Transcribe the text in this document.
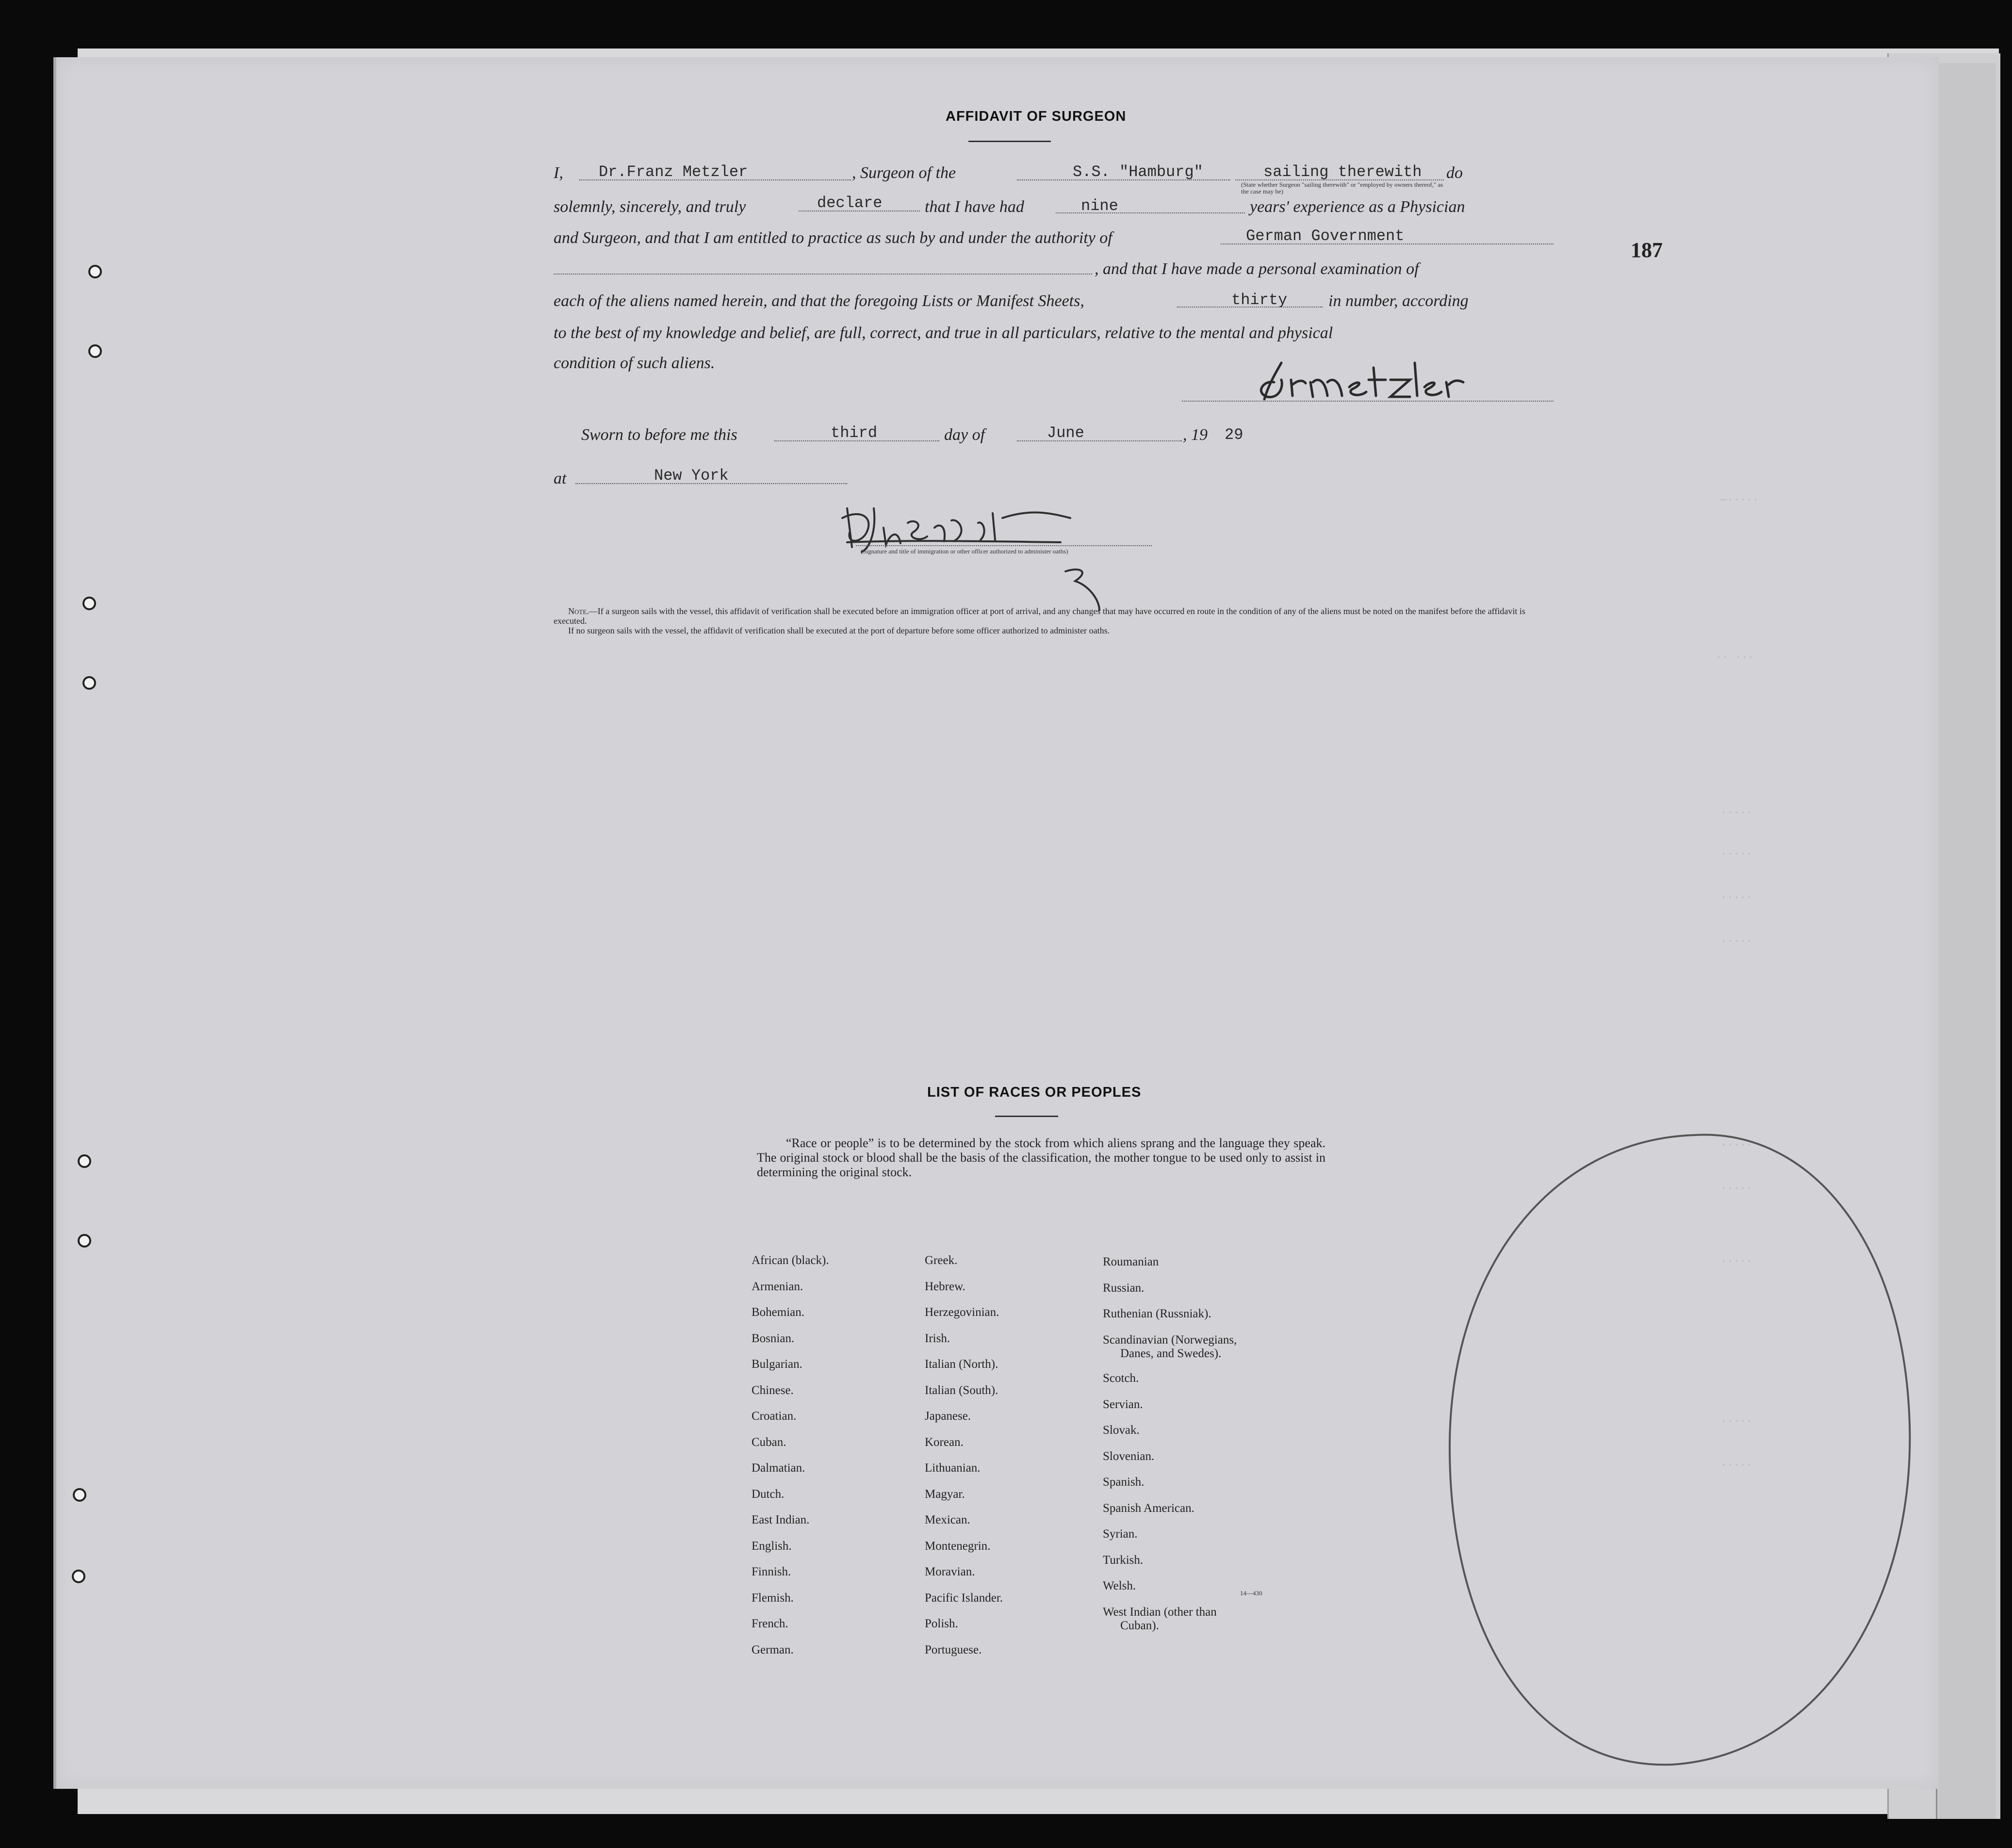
—·····
·· ···
·····
·····
·····
·····
·····
·····
·····
·····
·····
187
AFFIDAVIT OF SURGEON
I, Dr.Franz Metzler	, Surgeon of the	S.S. "Hamburg"	sailing therewith do
(State whether Surgeon "sailing therewith" or "employed by owners thereof," as the case may be)
solemnly, sincerely, and truly	declare	that I have had	nine	years' experience as a Physician
and Surgeon, and that I am entitled to practice as such by and under the authority of	German Government
, and that I have made a personal examination of
each of the aliens named herein, and that the foregoing Lists or Manifest Sheets,	thirty in number, according
to the best of my knowledge and belief, are full, correct, and true in all particulars, relative to the mental and physical
condition of such aliens.
Sworn to before me this	third	day of	June	, 19 29
at	New York
(Signature and title of immigration or other officer authorized to administer oaths)
Note.—If a surgeon sails with the vessel, this affidavit of verification shall be executed before an immigration officer at port of arrival, and any changes that may have occurred en route in the condition of any of the aliens must be noted on the manifest before the affidavit is executed.
If no surgeon sails with the vessel, the affidavit of verification shall be executed at the port of departure before some officer authorized to administer oaths.
LIST OF RACES OR PEOPLES
“Race or people” is to be determined by the stock from which aliens sprang and the language they speak. The original stock or blood shall be the basis of the classification, the mother tongue to be used only to assist in determining the original stock.
African (black).
Armenian.
Bohemian.
Bosnian.
Bulgarian.
Chinese.
Croatian.
Cuban.
Dalmatian.
Dutch.
East Indian.
English.
Finnish.
Flemish.
French.
German.
Greek.
Hebrew.
Herzegovinian.
Irish.
Italian (North).
Italian (South).
Japanese.
Korean.
Lithuanian.
Magyar.
Mexican.
Montenegrin.
Moravian.
Pacific Islander.
Polish.
Portuguese.
Roumanian
Russian.
Ruthenian (Russniak).
Scandinavian (Norwegians,
Danes, and Swedes).
Scotch.
Servian.
Slovak.
Slovenian.
Spanish.
Spanish American.
Syrian.
Turkish.
Welsh.
West Indian (other than
Cuban).
14—430
